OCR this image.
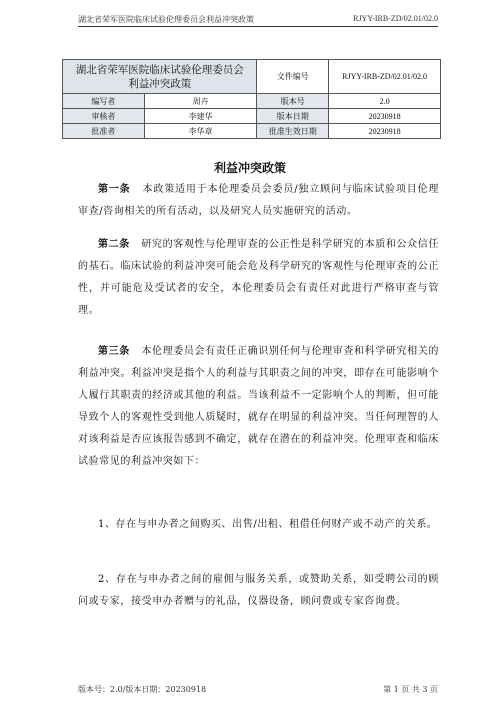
湖北省荣军医院临床试验伦理委员会利益冲突政策	RJYY-IRB-ZD/02.01/02.0
湖北省荣军医院临床试验伦理委员会
利益冲突政策		文件编号	RJYY-IRB-ZD/02.01/02.0
编写者	周卉	版本号	2.0
审核者	李建华	版本日期	20230918
批准者	李华章	批准生效日期	20230918
利益冲突政策

第一条 本政策适用于本伦理委员会委员/独立顾问与临床试验项目伦理审查/咨询相关的所有活动，以及研究人员实施研究的活动。

第二条 研究的客观性与伦理审查的公正性是科学研究的本质和公众信任的基石。临床试验的利益冲突可能会危及科学研究的客观性与伦理审查的公正性，并可能危及受试者的安全，本伦理委员会有责任对此进行严格审查与管理。

第三条 本伦理委员会有责任正确识别任何与伦理审查和科学研究相关的利益冲突。利益冲突是指个人的利益与其职责之间的冲突，即存在可能影响个人履行其职责的经济或其他的利益。当该利益不一定影响个人的判断，但可能导致个人的客观性受到他人质疑时，就存在明显的利益冲突。当任何理智的人对该利益是否应该报告感到不确定，就存在潜在的利益冲突。伦理审查和临床试验常见的利益冲突如下：

1、存在与申办者之间购买、出售/出租、租借任何财产或不动产的关系。

2、存在与申办者之间的雇佣与服务关系，或赞助关系，如受聘公司的顾问或专家，接受申办者赠与的礼品，仪器设备，顾问费或专家咨询费。

版本号：2.0/版本日期：20230918	第 1 页 共 3 页
